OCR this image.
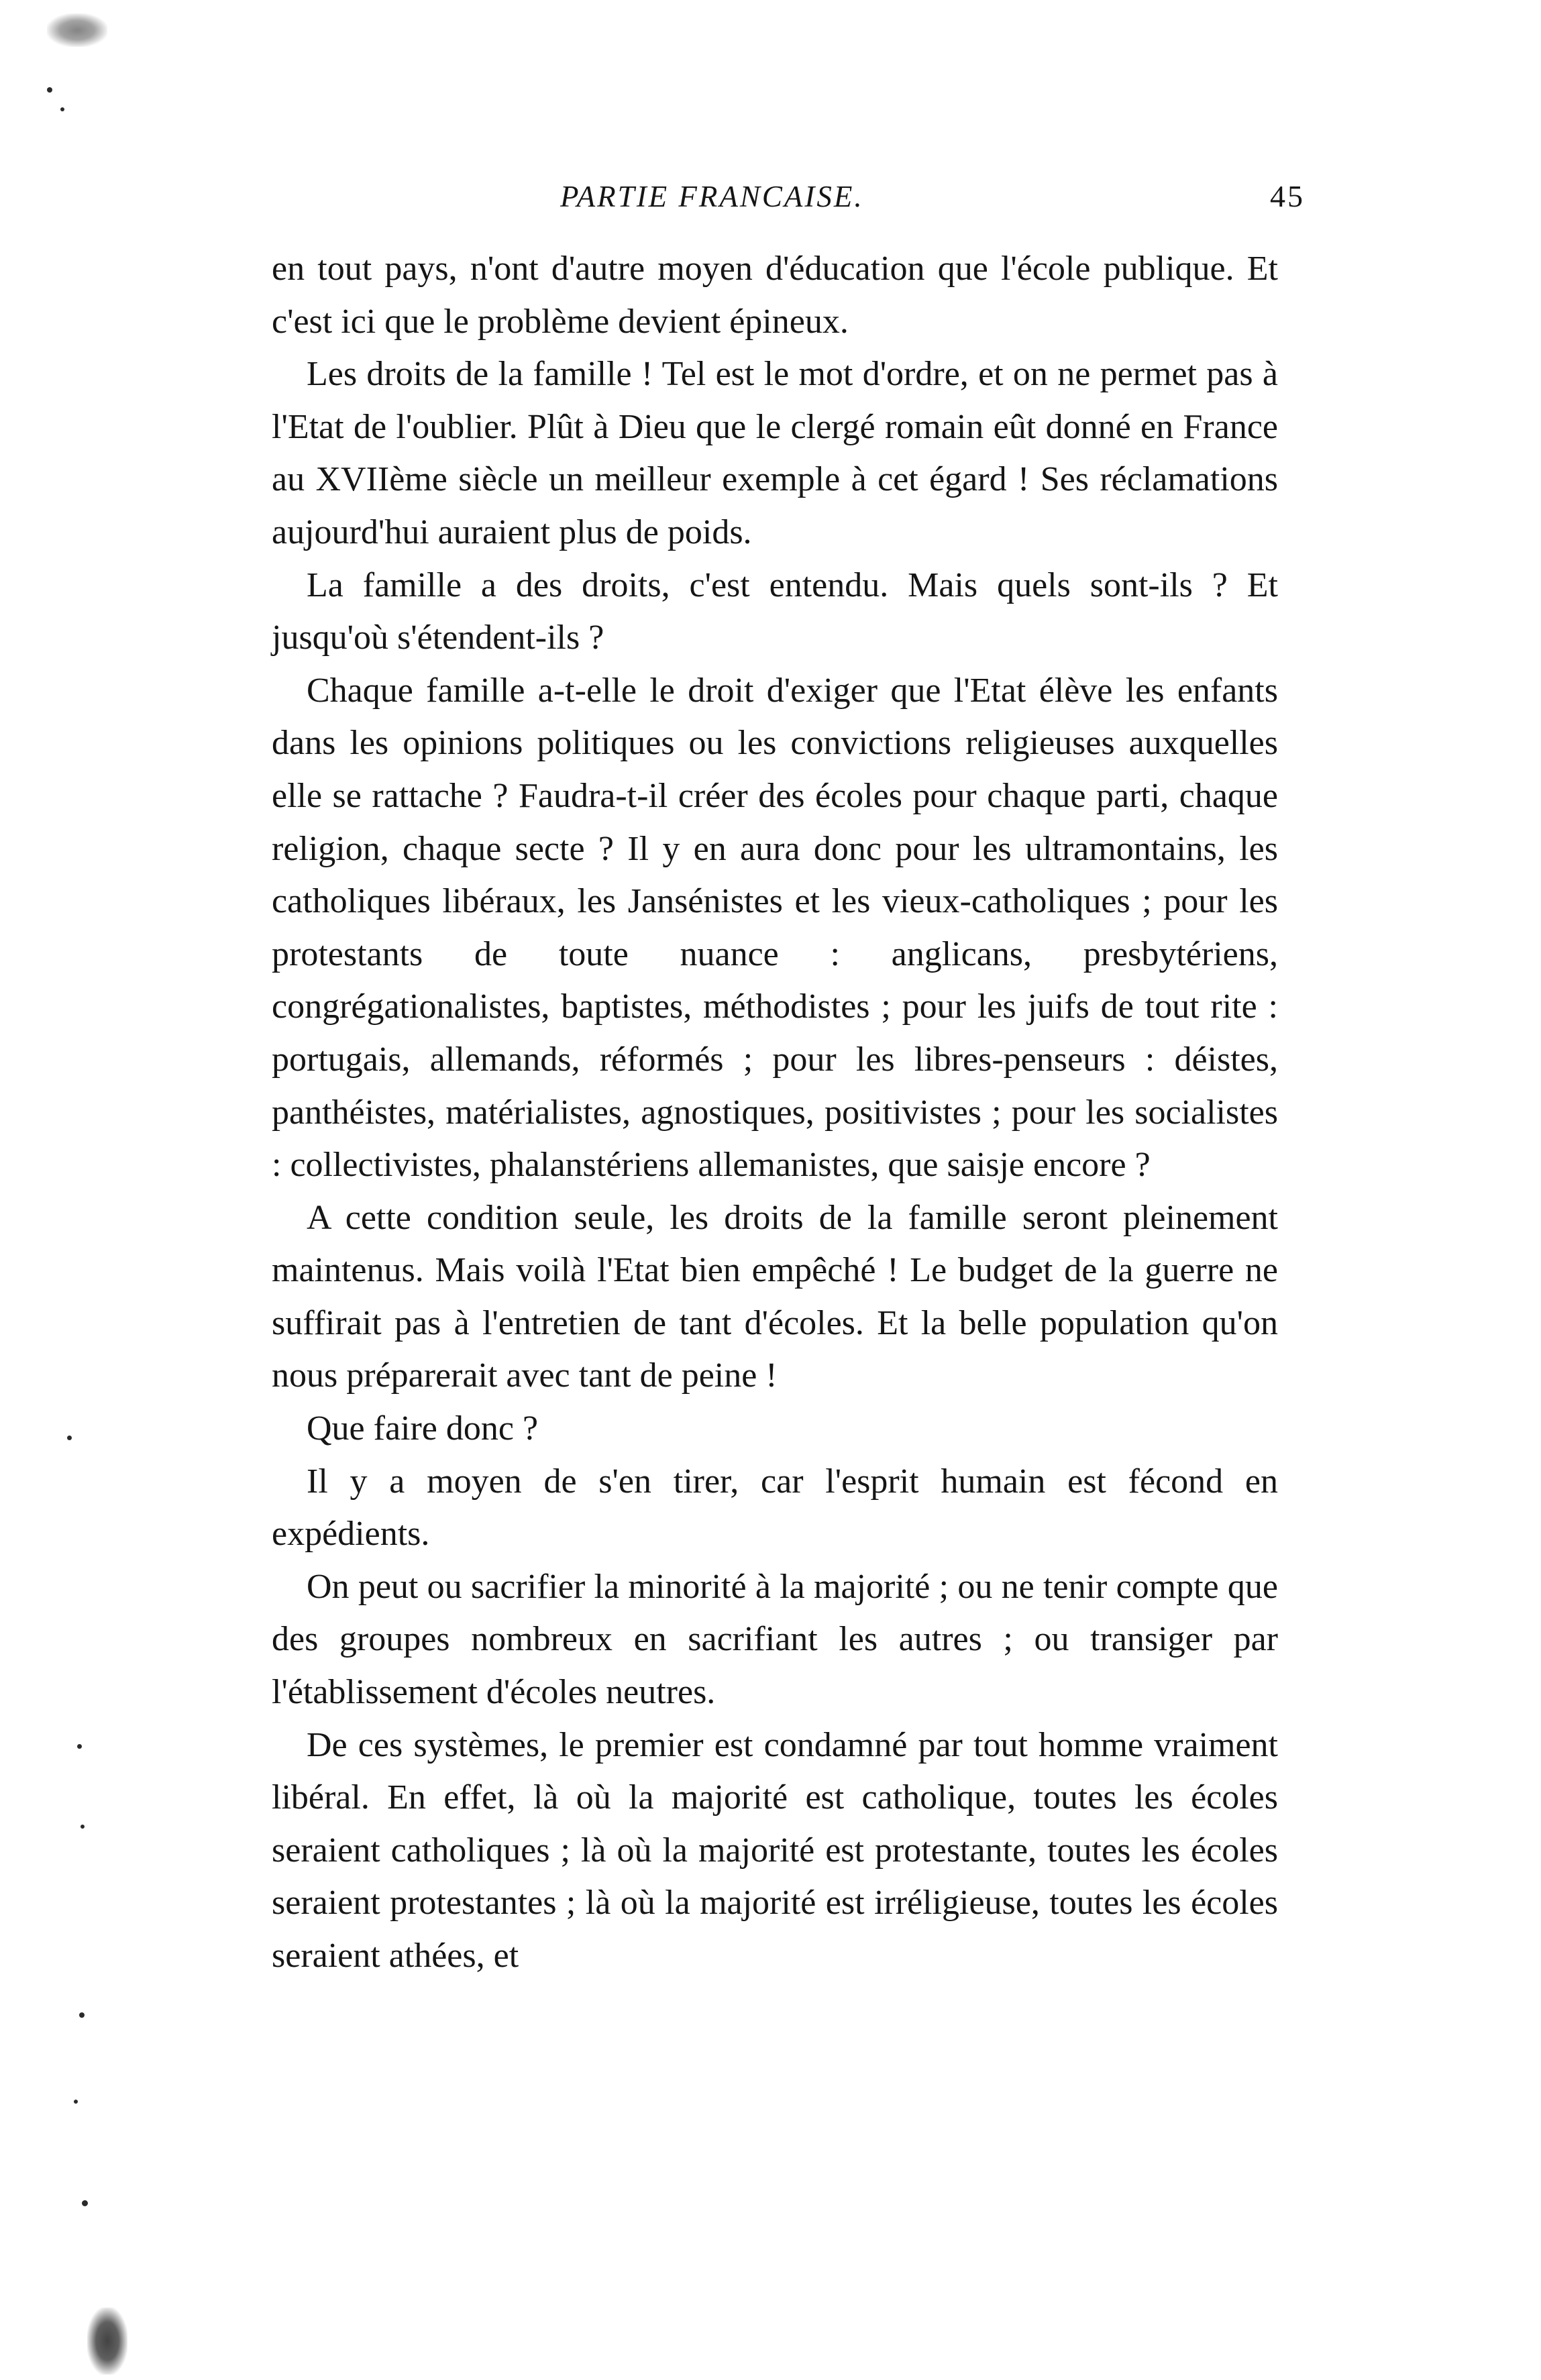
PARTIE FRANCAISE.	45

en tout pays, n'ont d'autre moyen d'éducation que l'école publique. Et c'est ici que le problème devient épineux.

Les droits de la famille ! Tel est le mot d'ordre, et on ne permet pas à l'Etat de l'oublier. Plût à Dieu que le clergé romain eût donné en France au XVIIème siècle un meilleur exemple à cet égard ! Ses réclamations aujourd'hui auraient plus de poids.

La famille a des droits, c'est entendu. Mais quels sont-ils ? Et jusqu'où s'étendent-ils ?

Chaque famille a-t-elle le droit d'exiger que l'Etat élève les enfants dans les opinions politiques ou les convictions religieuses auxquelles elle se rattache ? Faudra-t-il créer des écoles pour chaque parti, chaque religion, chaque secte ? Il y en aura donc pour les ultramontains, les catholiques libéraux, les Jansénistes et les vieux-catholiques ; pour les protestants de toute nuance : anglicans, presbytériens, congrégationalistes, baptistes, méthodistes ; pour les juifs de tout rite : portugais, allemands, réformés ; pour les libres-penseurs : déistes, panthéistes, matérialistes, agnostiques, positivistes ; pour les socialistes : collectivistes, phalanstériens allemanistes, que saisje encore ?

A cette condition seule, les droits de la famille seront pleinement maintenus. Mais voilà l'Etat bien empêché ! Le budget de la guerre ne suffirait pas à l'entretien de tant d'écoles. Et la belle population qu'on nous préparerait avec tant de peine !

Que faire donc ?

Il y a moyen de s'en tirer, car l'esprit humain est fécond en expédients.

On peut ou sacrifier la minorité à la majorité ; ou ne tenir compte que des groupes nombreux en sacrifiant les autres ; ou transiger par l'établissement d'écoles neutres.

De ces systèmes, le premier est condamné par tout homme vraiment libéral. En effet, là où la majorité est catholique, toutes les écoles seraient catholiques ; là où la majorité est protestante, toutes les écoles seraient protestantes ; là où la majorité est irréligieuse, toutes les écoles seraient athées, et
